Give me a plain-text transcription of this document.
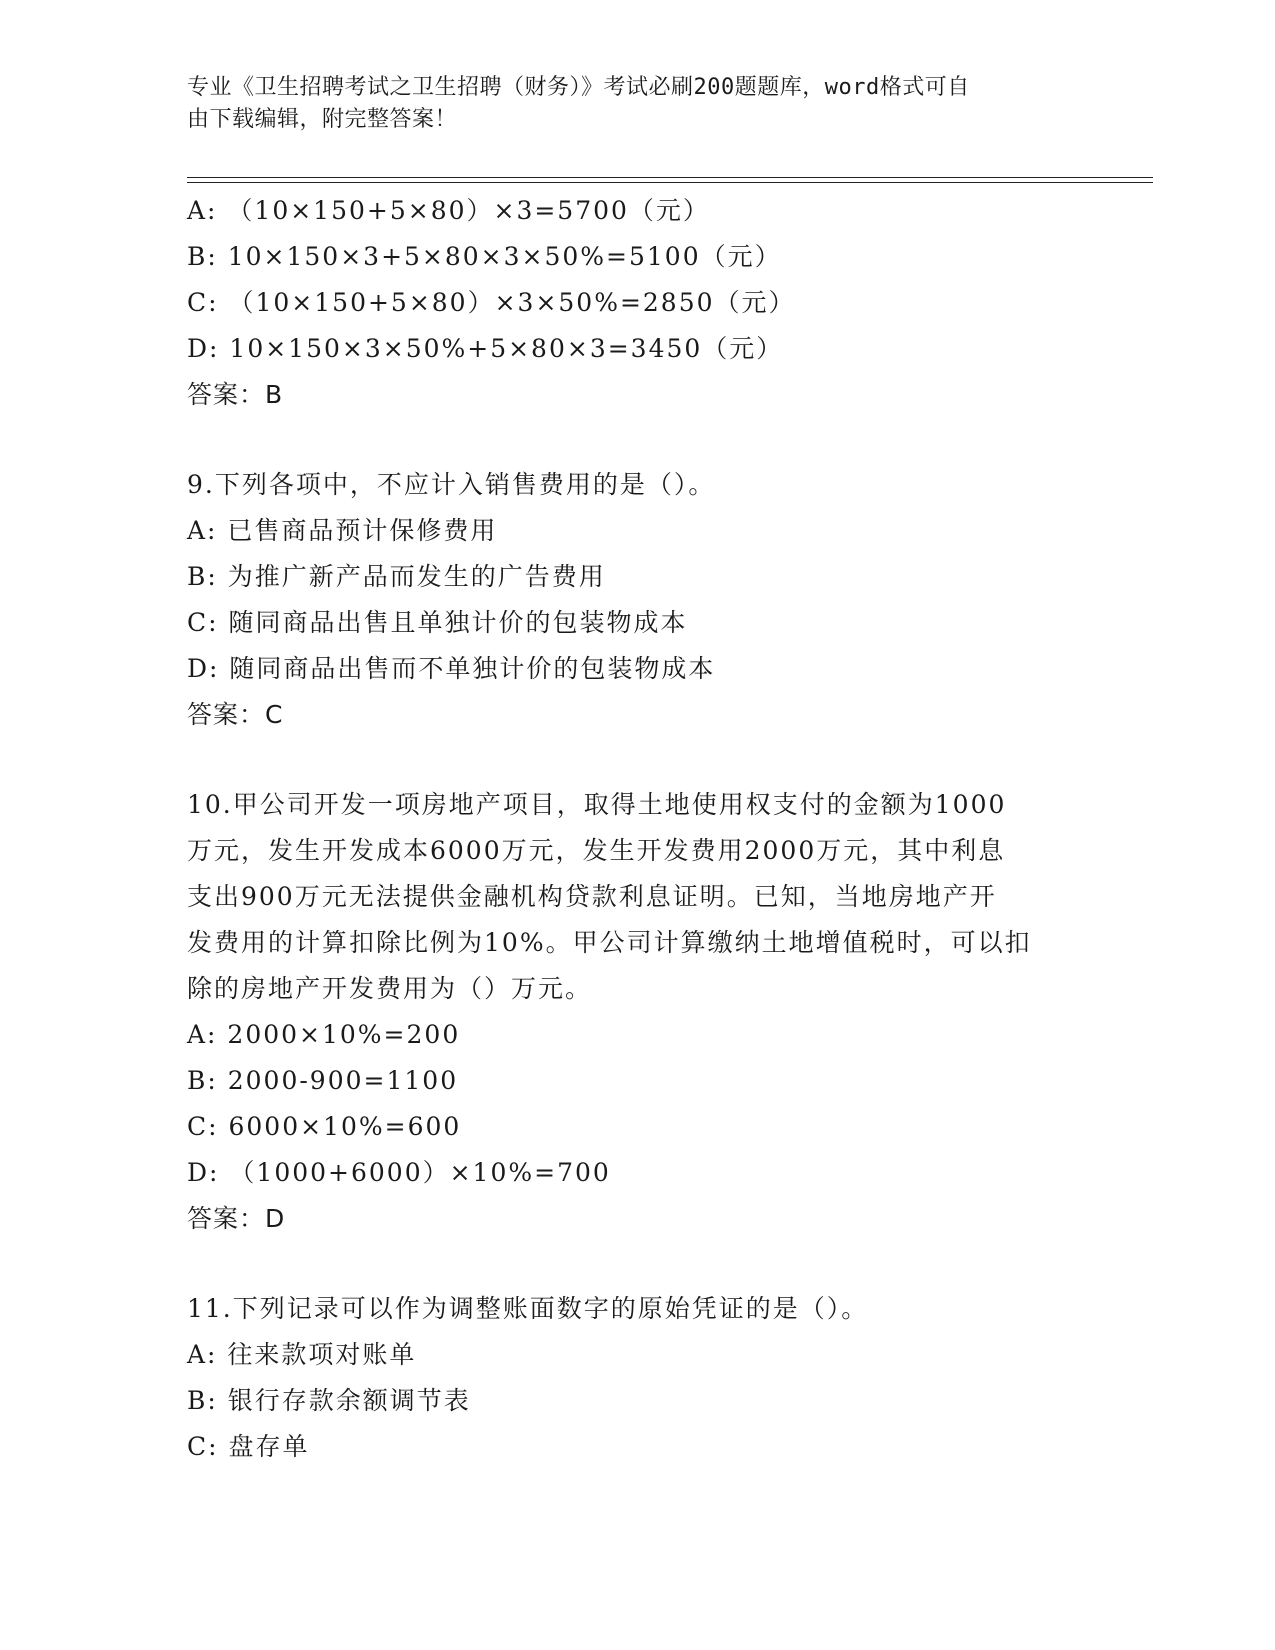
专业《卫生招聘考试之卫生招聘（财务）》考试必刷200题题库，word格式可自
由下载编辑，附完整答案！
A: （10×150+5×80）×3=5700（元）
B: 10×150×3+5×80×3×50%=5100（元）
C: （10×150+5×80）×3×50%=2850（元）
D: 10×150×3×50%+5×80×3=3450（元）
答案：B
9.下列各项中，不应计入销售费用的是（）。
A: 已售商品预计保修费用
B: 为推广新产品而发生的广告费用
C: 随同商品出售且单独计价的包装物成本
D: 随同商品出售而不单独计价的包装物成本
答案：C
10.甲公司开发一项房地产项目，取得土地使用权支付的金额为1000
万元，发生开发成本6000万元，发生开发费用2000万元，其中利息
支出900万元无法提供金融机构贷款利息证明。已知，当地房地产开
发费用的计算扣除比例为10%。甲公司计算缴纳土地增值税时，可以扣
除的房地产开发费用为（）万元。
A: 2000×10%=200
B: 2000-900=1100
C: 6000×10%=600
D: （1000+6000）×10%=700
答案：D
11.下列记录可以作为调整账面数字的原始凭证的是（）。
A: 往来款项对账单
B: 银行存款余额调节表
C: 盘存单
